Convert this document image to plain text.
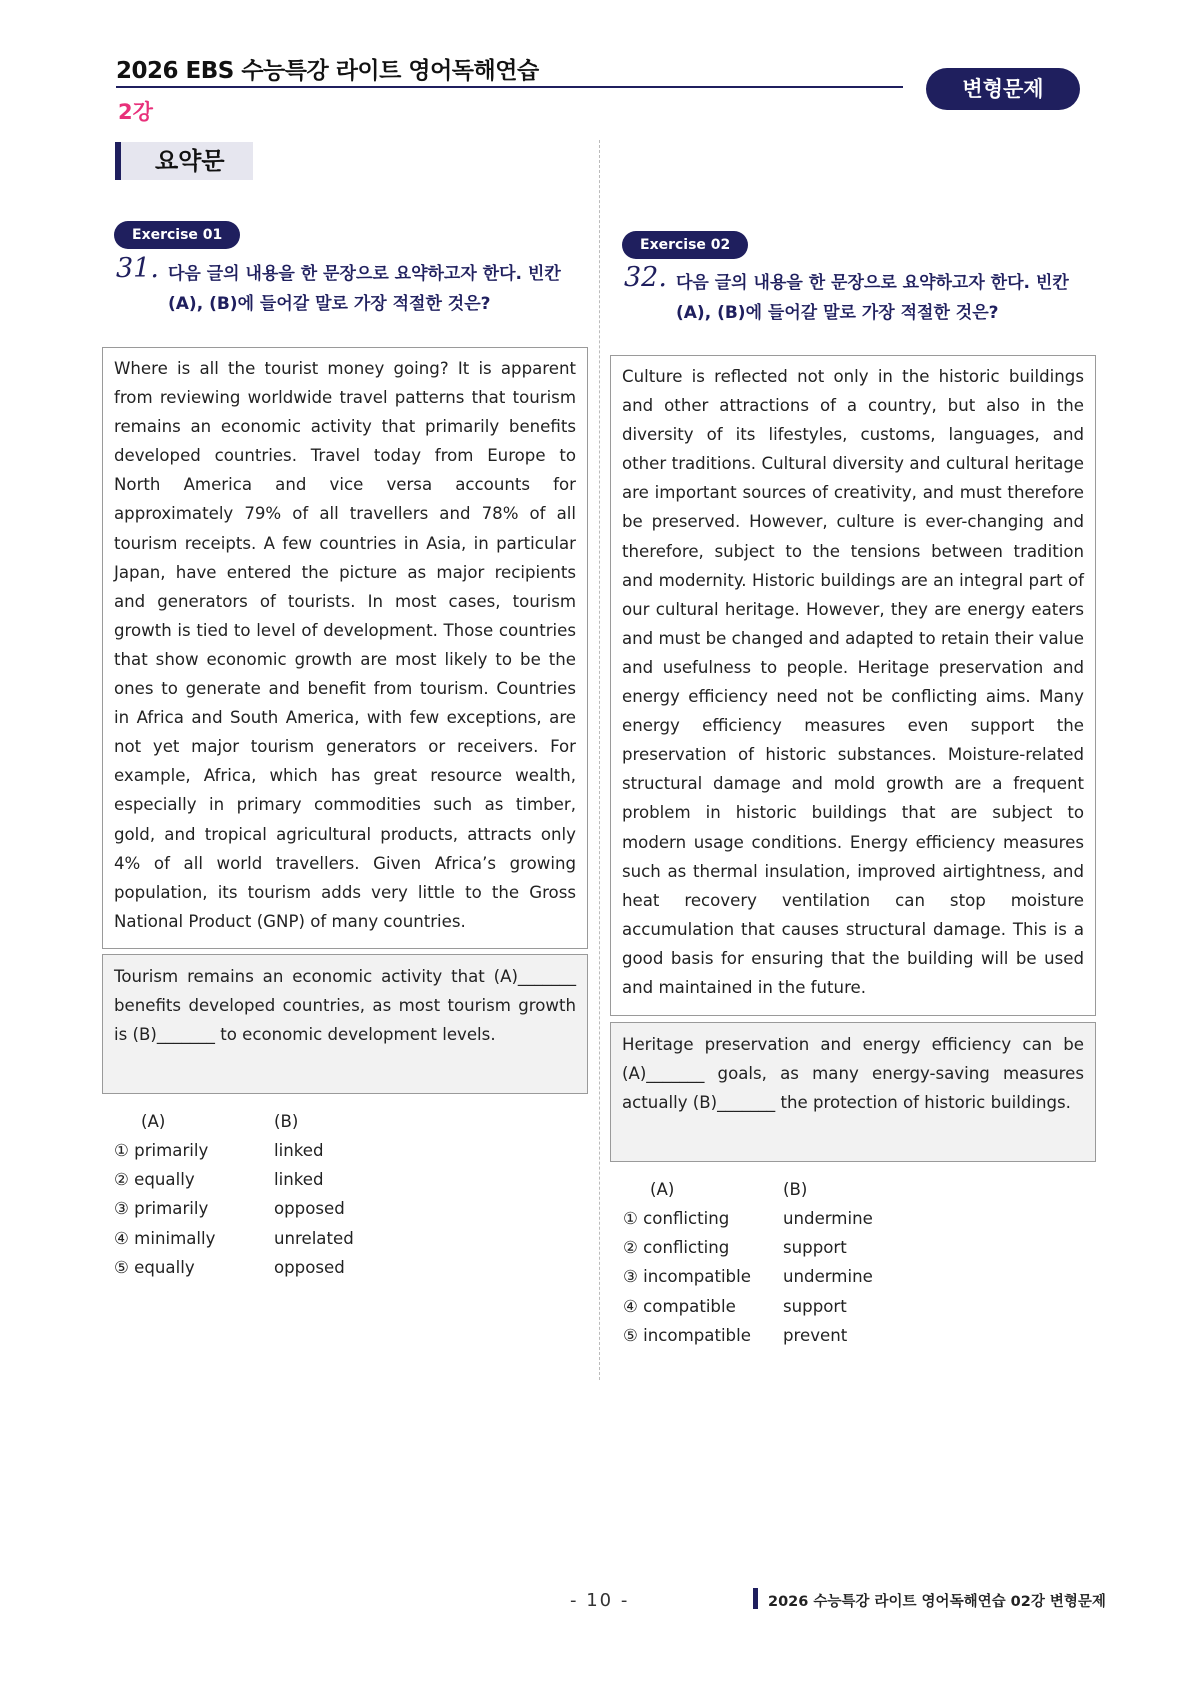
2026 EBS 수능특강 라이트 영어독해연습
2강
변형문제
요약문
Exercise 01
31. 다음 글의 내용을 한 문장으로 요약하고자 한다. 빈칸
(A), (B)에 들어갈 말로 가장 적절한 것은?
Where is all the tourist money going? It is apparent from reviewing worldwide travel patterns that tourism remains an economic activity that primarily benefits developed countries. Travel today from Europe to North America and vice versa accounts for approximately 79% of all travellers and 78% of all tourism receipts. A few countries in Asia, in particular Japan, have entered the picture as major recipients and generators of tourists. In most cases, tourism growth is tied to level of development. Those countries that show economic growth are most likely to be the ones to generate and benefit from tourism. Countries in Africa and South America, with few exceptions, are not yet major tourism generators or receivers. For example, Africa, which has great resource wealth, especially in primary commodities such as timber, gold, and tropical agricultural products, attracts only 4% of all world travellers. Given Africa’s growing population, its tourism adds very little to the Gross National Product (GNP) of many countries.
Tourism remains an economic activity that (A)_______ benefits developed countries, as most tourism growth is (B)_______ to economic development levels.
(A)	(B)
① primarily	linked
② equally	linked
③ primarily	opposed
④ minimally	unrelated
⑤ equally	opposed
Exercise 02
32. 다음 글의 내용을 한 문장으로 요약하고자 한다. 빈칸
(A), (B)에 들어갈 말로 가장 적절한 것은?
Culture is reflected not only in the historic buildings and other attractions of a country, but also in the diversity of its lifestyles, customs, languages, and other traditions. Cultural diversity and cultural heritage are important sources of creativity, and must therefore be preserved. However, culture is ever-changing and therefore, subject to the tensions between tradition and modernity. Historic buildings are an integral part of our cultural heritage. However, they are energy eaters and must be changed and adapted to retain their value and usefulness to people. Heritage preservation and energy efficiency need not be conflicting aims. Many energy efficiency measures even support the preservation of historic substances. Moisture-related structural damage and mold growth are a frequent problem in historic buildings that are subject to modern usage conditions. Energy efficiency measures such as thermal insulation, improved airtightness, and heat recovery ventilation can stop moisture accumulation that causes structural damage. This is a good basis for ensuring that the building will be used and maintained in the future.
Heritage preservation and energy efficiency can be (A)_______ goals, as many energy-saving measures actually (B)_______ the protection of historic buildings.
(A)	(B)
① conflicting	undermine
② conflicting	support
③ incompatible	undermine
④ compatible	support
⑤ incompatible	prevent
- 10 -	2026 수능특강 라이트 영어독해연습 02강 변형문제
